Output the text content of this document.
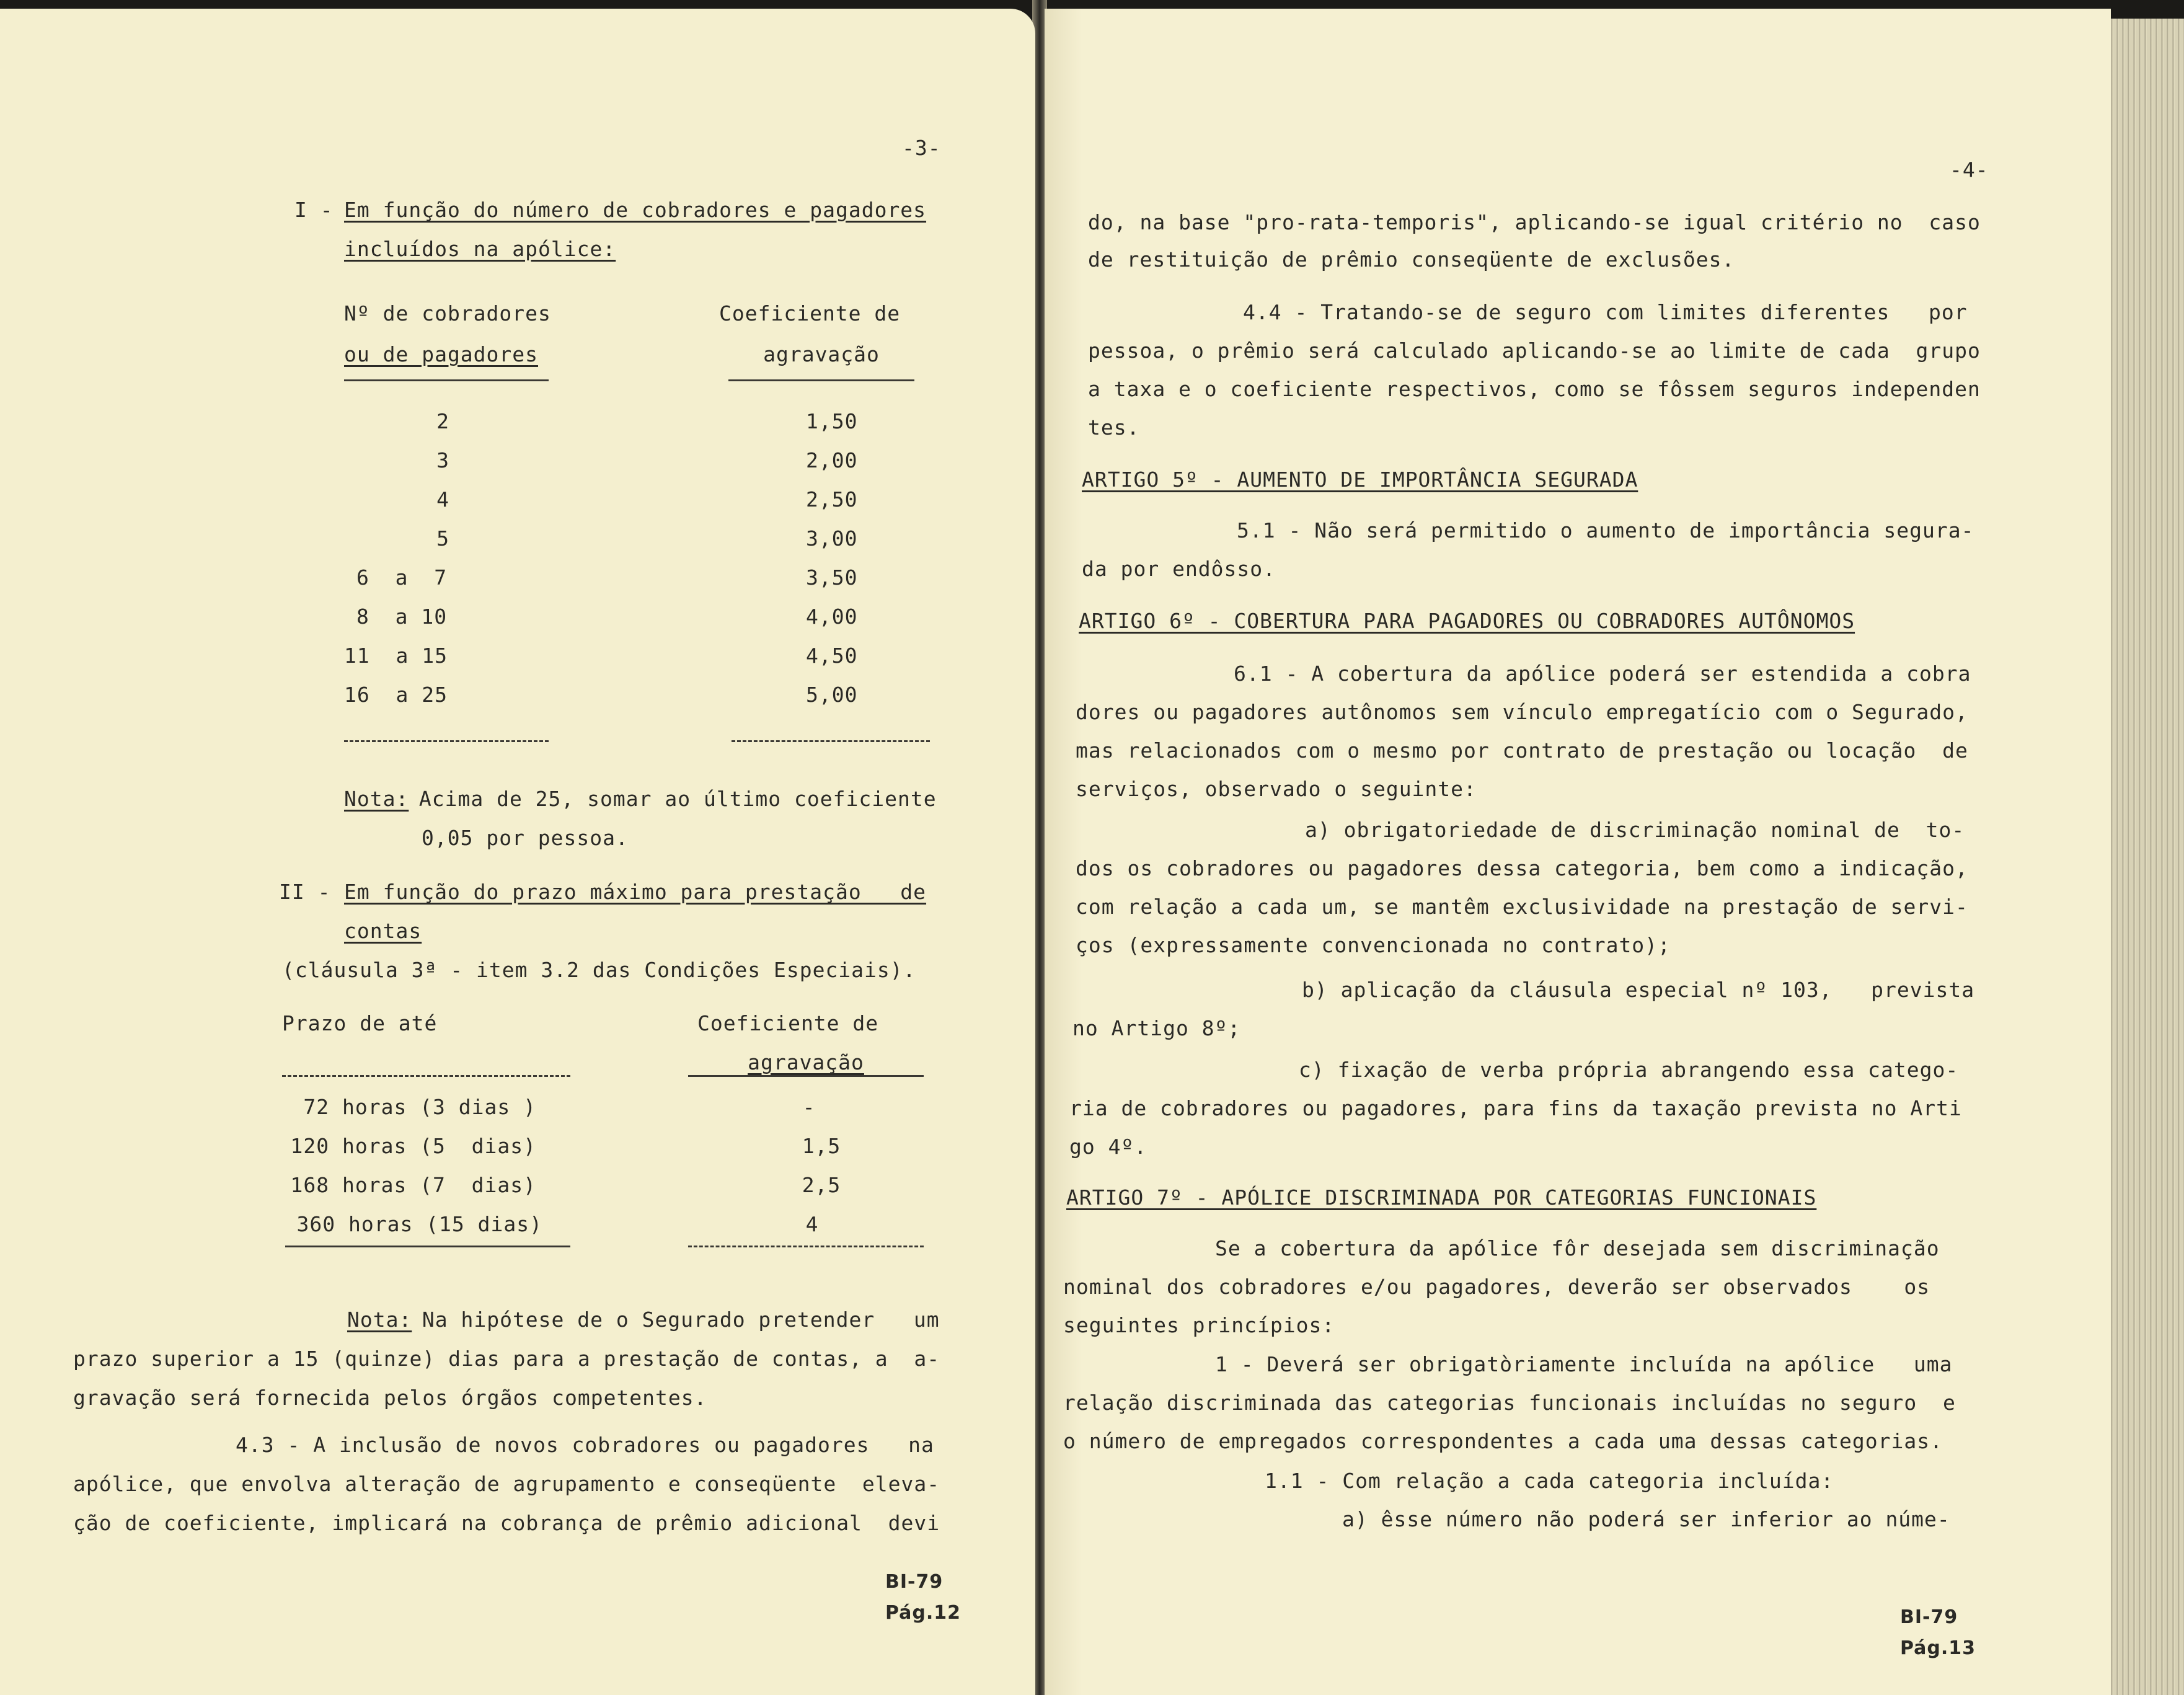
-3-
I - Em função do número de cobradores e pagadores
incluídos na apólice:
Nº de cobradores
ou de pagadores
Coeficiente de
agravação
2	1,50
3	2,00
4	2,50
5	3,00
6  a  7	3,50
8  a 10	4,00
11  a 15	4,50
16  a 25	5,00
Nota:
Acima de 25, somar ao último coeficiente
0,05 por pessoa.
II - Em função do prazo máximo para prestação   de
contas
(cláusula 3ª - item 3.2 das Condições Especiais).
Prazo de até	Coeficiente de
agravação
72 horas (3 dias )	-
120 horas (5  dias)	1,5
168 horas (7  dias)	2,5
360 horas (15 dias)	4
Nota:
Na hipótese de o Segurado pretender   um
prazo superior a 15 (quinze) dias para a prestação de contas, a  a-
gravação será fornecida pelos órgãos competentes.
4.3 - A inclusão de novos cobradores ou pagadores   na
apólice, que envolva alteração de agrupamento e conseqüente  eleva-
ção de coeficiente, implicará na cobrança de prêmio adicional  devi
BI-79
Pág.12
-4-
do, na base "pro-rata-temporis", aplicando-se igual critério no  caso
de restituição de prêmio conseqüente de exclusões.
4.4 - Tratando-se de seguro com limites diferentes   por
pessoa, o prêmio será calculado aplicando-se ao limite de cada  grupo
a taxa e o coeficiente respectivos, como se fôssem seguros independen
tes.
ARTIGO 5º - AUMENTO DE IMPORTÂNCIA SEGURADA
5.1 - Não será permitido o aumento de importância segura-
da por endôsso.
ARTIGO 6º - COBERTURA PARA PAGADORES OU COBRADORES AUTÔNOMOS
6.1 - A cobertura da apólice poderá ser estendida a cobra
dores ou pagadores autônomos sem vínculo empregatício com o Segurado,
mas relacionados com o mesmo por contrato de prestação ou locação  de
serviços, observado o seguinte:
a) obrigatoriedade de discriminação nominal de  to-
dos os cobradores ou pagadores dessa categoria, bem como a indicação,
com relação a cada um, se mantêm exclusividade na prestação de servi-
ços (expressamente convencionada no contrato);
b) aplicação da cláusula especial nº 103,   prevista
no Artigo 8º;
c) fixação de verba própria abrangendo essa catego-
ria de cobradores ou pagadores, para fins da taxação prevista no Arti
go 4º.
ARTIGO 7º - APÓLICE DISCRIMINADA POR CATEGORIAS FUNCIONAIS
Se a cobertura da apólice fôr desejada sem discriminação
nominal dos cobradores e/ou pagadores, deverão ser observados    os
seguintes princípios:
1 - Deverá ser obrigatòriamente incluída na apólice   uma
relação discriminada das categorias funcionais incluídas no seguro  e
o número de empregados correspondentes a cada uma dessas categorias.
1.1 - Com relação a cada categoria incluída:
a) êsse número não poderá ser inferior ao núme-
BI-79
Pág.13
